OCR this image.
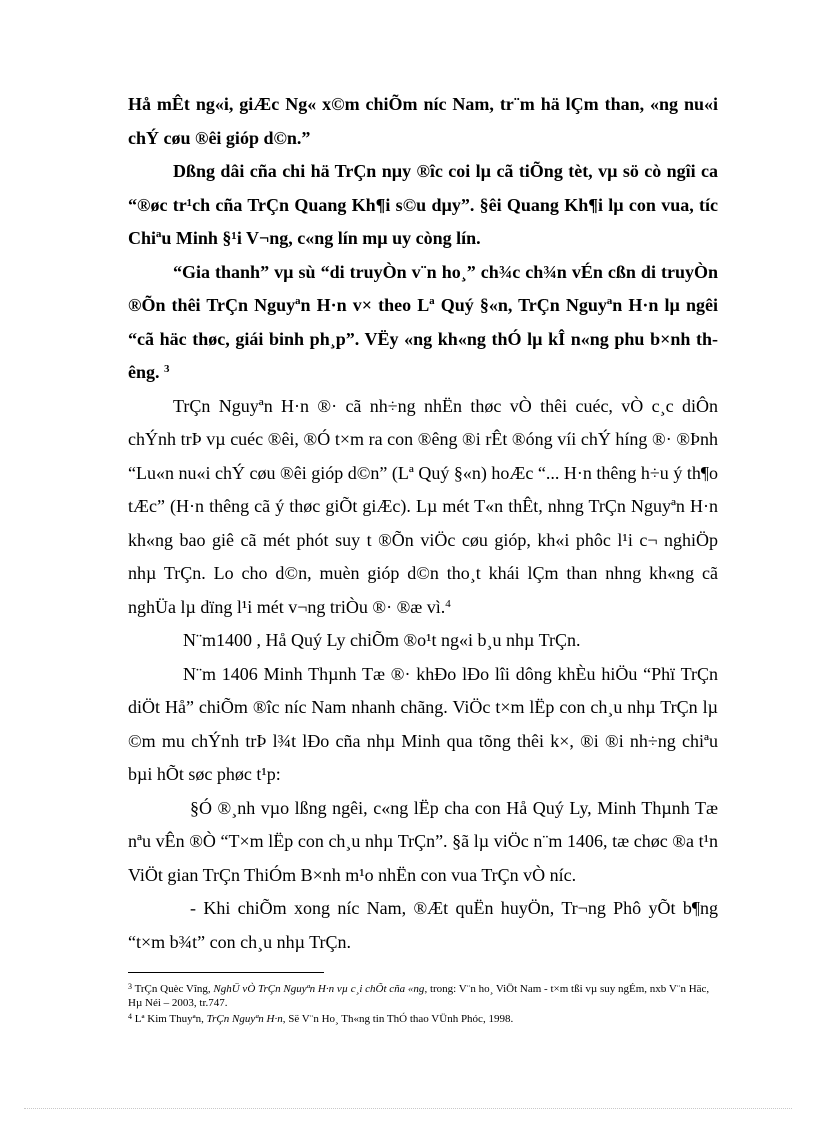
Hå mÊt ng«i, giÆc Ng« x©m chiÕm níc Nam, tr¨m hä lÇm than, «ng nu«i chÝ cøu ®êi gióp d©n.”

Dßng dâi cña chi hä TrÇn nµy ®îc coi lµ cã tiÕng tèt, vµ sö cò ngîi ca “®øc tr¹ch cña TrÇn Quang Kh¶i s©u dµy”. §êi Quang Kh¶i lµ con vua, tíc Chiªu Minh §¹i V¬ng, c«ng lín mµ uy còng lín.

“Gia thanh” vµ sù “di truyÒn v¨n ho¸” ch¾c ch¾n vÉn cßn di truyÒn ®Õn thêi TrÇn Nguyªn H·n v× theo Lª Quý §«n, TrÇn Nguyªn H·n lµ ngêi “cã häc thøc, giái binh ph¸p”. VËy «ng kh«ng thÓ lµ kÎ n«ng phu b×nh thêng. $^3$

TrÇn Nguyªn H·n ®· cã nh÷ng nhËn thøc vÒ thêi cuéc, vÒ c¸c diÔn chÝnh trÞ vµ cuéc ®êi, ®Ó t×m ra con ®êng ®i rÊt ®óng víi chÝ híng ®· ®Þnh “Lu«n nu«i chÝ cøu ®êi gióp d©n” (Lª Quý §«n) hoÆc “... H·n thêng h÷u ý th¶o tÆc” (H·n thêng cã ý thøc giÕt giÆc). Lµ mét T«n thÊt, nhng TrÇn Nguyªn H·n kh«ng bao giê cã mét phót suy t ®Õn viÖc cøu gióp, kh«i phôc l¹i c¬ nghiÖp nhµ TrÇn. Lo cho d©n, muèn gióp d©n tho¸t khái lÇm than nhng kh«ng cã nghÜa lµ dïng l¹i mét v¬ng triÒu ®· ®æ vì.$^4$

N¨m1400 , Hå Quý Ly chiÕm ®o¹t ng«i b¸u nhµ TrÇn.

N¨m 1406 Minh Thµnh Tæ ®· khÐo lÐo lîi dông khÈu hiÖu “Phï TrÇn diÖt Hå” chiÕm ®îc níc Nam nhanh chãng. ViÖc t×m lËp con ch¸u nhµ TrÇn lµ ©m mu chÝnh trÞ l¾t lÐo cña nhµ Minh qua tõng thêi k×, ®i ®i nh÷ng chiªu bµi hÕt søc phøc t¹p:

§Ó ®¸nh vµo lßng ngêi, c«ng lËp cha con Hå Quý Ly, Minh Thµnh Tæ nªu vÊn ®Ò “T×m lËp con ch¸u nhµ TrÇn”. §ã lµ viÖc n¨m 1406, tæ chøc ®a t¹n ViÖt gian TrÇn ThiÓm B×nh m¹o nhËn con vua TrÇn vÒ níc.

- Khi chiÕm xong níc Nam, ®Æt quËn huyÖn, Tr¬ng Phô yÕt b¶ng “t×m b¾t” con ch¸u nhµ TrÇn.

$^3$ TrÇn Quèc Vîng, NghÜ vÒ TrÇn Nguyªn H·n vµ c¸i chÕt cña «ng, trong: V¨n ho¸ ViÖt Nam - t×m tßi vµ suy ngÉm, nxb V¨n Häc, Hµ Néi – 2003, tr.747.

$^4$ Lª Kim Thuyªn, TrÇn Nguyªn H·n, Së V¨n Ho¸ Th«ng tin ThÓ thao VÜnh Phóc, 1998.
